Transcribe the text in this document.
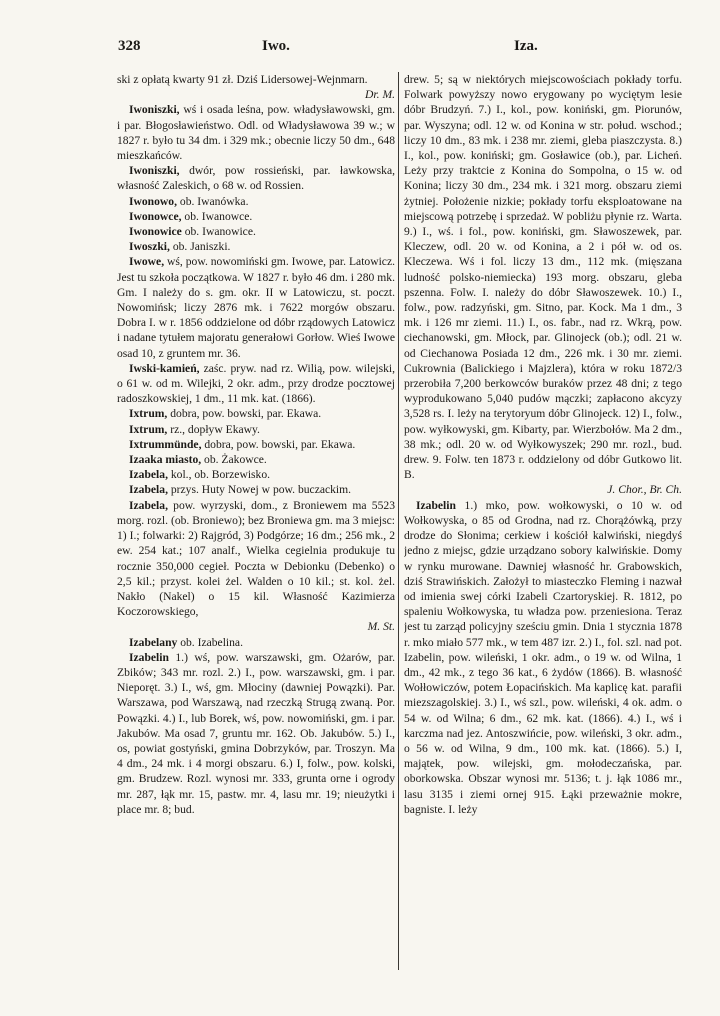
328	Iwo.	Iza.

ski z opłatą kwarty 91 zł. Dziś Lidersowej-Wejnmarn.
Dr. M.

Iwoniszki, wś i osada leśna, pow. władysławowski, gm. i par. Błogosławieństwo. Odl. od Władysławowa 39 w.; w 1827 r. było tu 34 dm. i 329 mk.; obecnie liczy 50 dm., 648 mieszkańców.

Iwoniszki, dwór, pow rossieński, par. ławkowska, własność Zaleskich, o 68 w. od Rossien.

Iwonowo, ob. Iwanówka.

Iwonowce, ob. Iwanowce.

Iwonowice ob. Iwanowice.

Iwoszki, ob. Janiszki.

Iwowe, wś, pow. nowomiński gm. Iwowe, par. Latowicz. Jest tu szkoła początkowa. W 1827 r. było 46 dm. i 280 mk. Gm. I należy do s. gm. okr. II w Latowiczu, st. poczt. Nowomińsk; liczy 2876 mk. i 7622 morgów obszaru. Dobra I. w r. 1856 oddzielone od dóbr rządowych Latowicz i nadane tytułem majoratu generałowi Gorłow. Wieś Iwowe osad 10, z gruntem mr. 36.

Iwski-kamień, zaśc. pryw. nad rz. Wilią, pow. wilejski, o 61 w. od m. Wilejki, 2 okr. adm., przy drodze pocztowej radoszkowskiej, 1 dm., 11 mk. kat. (1866).

Ixtrum, dobra, pow. bowski, par. Ekawa.

Ixtrum, rz., dopływ Ekawy.

Ixtrummünde, dobra, pow. bowski, par. Ekawa.

Izaaka miasto, ob. Żakowce.

Izabela, kol., ob. Borzewisko.

Izabela, przys. Huty Nowej w pow. buczackim.

Izabela, pow. wyrzyski, dom., z Broniewem ma 5523 morg. rozl. (ob. Broniewo); bez Broniewa gm. ma 3 miejsc: 1) I.; folwarki: 2) Rajgród, 3) Podgórze; 16 dm.; 256 mk., 2 ew. 254 kat.; 107 analf., Wielka cegielnia produkuje tu rocznie 350,000 cegieł. Poczta w Debionku (Debenko) o 2,5 kil.; przyst. kolei żel. Walden o 10 kil.; st. kol. żel. Nakło (Nakel) o 15 kil. Własność Kazimierza Koczorowskiego,
M. St.

Izabelany ob. Izabelina.

Izabelin 1.) wś, pow. warszawski, gm. Ożarów, par. Zbików; 343 mr. rozl. 2.) I., pow. warszawski, gm. i par. Nieporęt. 3.) I., wś, gm. Młociny (dawniej Powązki). Par. Warszawa, pod Warszawą, nad rzeczką Strugą zwaną. Por. Powązki. 4.) I., lub Borek, wś, pow. nowomiński, gm. i par. Jakubów. Ma osad 7, gruntu mr. 162. Ob. Jakubów. 5.) I., os, powiat gostyński, gmina Dobrzyków, par. Troszyn. Ma 4 dm., 24 mk. i 4 morgi obszaru. 6.) I, folw., pow. kolski, gm. Brudzew. Rozl. wynosi mr. 333, grunta orne i ogrody mr. 287, łąk mr. 15, pastw. mr. 4, lasu mr. 19; nieużytki i place mr. 8; bud.

drew. 5; są w niektórych miejscowościach pokłady torfu. Folwark powyższy nowo erygowany po wyciętym lesie dóbr Brudzyń. 7.) I., kol., pow. koniński, gm. Piorunów, par. Wyszyna; odl. 12 w. od Konina w str. połud. wschod.; liczy 10 dm., 83 mk. i 238 mr. ziemi, gleba piaszczysta. 8.) I., kol., pow. koniński; gm. Gosławice (ob.), par. Licheń. Leży przy traktcie z Konina do Sompolna, o 15 w. od Konina; liczy 30 dm., 234 mk. i 321 morg. obszaru ziemi żytniej. Położenie nizkie; pokłady torfu eksploatowane na miejscową potrzebę i sprzedaż. W pobliżu płynie rz. Warta. 9.) I., wś. i fol., pow. koniński, gm. Sławoszewek, par. Kleczew, odl. 20 w. od Konina, a 2 i pół w. od os. Kleczewa. Wś i fol. liczy 13 dm., 112 mk. (mięszana ludność polsko-niemiecka) 193 morg. obszaru, gleba pszenna. Folw. I. należy do dóbr Sławoszewek. 10.) I., folw., pow. radzyński, gm. Sitno, par. Kock. Ma 1 dm., 3 mk. i 126 mr ziemi. 11.) I., os. fabr., nad rz. Wkrą, pow. ciechanowski, gm. Młock, par. Glinojeck (ob.); odl. 21 w. od Ciechanowa Posiada 12 dm., 226 mk. i 30 mr. ziemi. Cukrownia (Balickiego i Majzlera), która w roku 1872/3 przerobiła 7,200 berkowców buraków przez 48 dni; z tego wyprodukowano 5,040 pudów mączki; zapłacono akcyzy 3,528 rs. I. leży na terytoryum dóbr Glinojeck. 12) I., folw., pow. wyłkowyski, gm. Kibarty, par. Wierzbołów. Ma 2 dm., 38 mk.; odl. 20 w. od Wyłkowyszek; 290 mr. rozl., bud. drew. 9. Folw. ten 1873 r. oddzielony od dóbr Gutkowo lit. B.
J. Chor., Br. Ch.

Izabelin 1.) mko, pow. wołkowyski, o 10 w. od Wołkowyska, o 85 od Grodna, nad rz. Chorążówką, przy drodze do Słonima; cerkiew i kościół kalwiński, niegdyś jedno z miejsc, gdzie urządzano sobory kalwińskie. Domy w rynku murowane. Dawniej własność hr. Grabowskich, dziś Strawińskich. Założył to miasteczko Fleming i nazwał od imienia swej córki Izabeli Czartoryskiej. R. 1812, po spaleniu Wołkowyska, tu władza pow. przeniesiona. Teraz jest tu zarząd policyjny sześciu gmin. Dnia 1 stycznia 1878 r. mko miało 577 mk., w tem 487 izr. 2.) I., fol. szl. nad pot. Izabelin, pow. wileński, 1 okr. adm., o 19 w. od Wilna, 1 dm., 42 mk., z tego 36 kat., 6 żydów (1866). B. własność Wołłowiczów, potem Łopacińskich. Ma kaplicę kat. parafii miezszagolskiej. 3.) I., wś szl., pow. wileński, 4 ok. adm. o 54 w. od Wilna; 6 dm., 62 mk. kat. (1866). 4.) I., wś i karczma nad jez. Antoszwińcie, pow. wileński, 3 okr. adm., o 56 w. od Wilna, 9 dm., 100 mk. kat. (1866). 5.) I, majątek, pow. wilejski, gm. mołodeczańska, par. oborkowska. Obszar wynosi mr. 5136; t. j. łąk 1086 mr., lasu 3135 i ziemi ornej 915. Łąki przeważnie mokre, bagniste. I. leży
